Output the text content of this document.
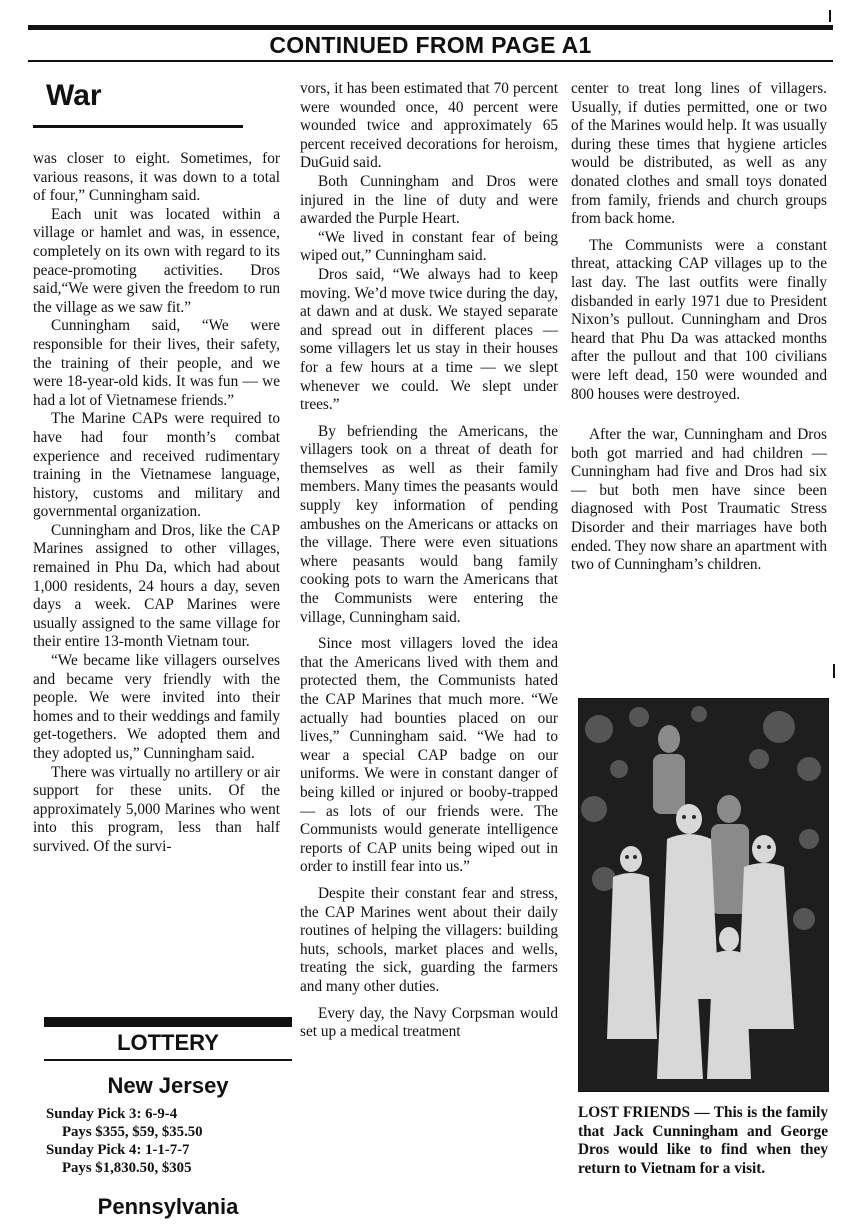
CONTINUED FROM PAGE A1
War

was closer to eight. Sometimes, for various reasons, it was down to a total of four,” Cunningham said.

Each unit was located within a village or hamlet and was, in essence, completely on its own with regard to its peace-promoting activities. Dros said,“We were given the freedom to run the village as we saw fit.”

Cunningham said, “We were responsible for their lives, their safety, the training of their people, and we were 18-year-old kids. It was fun — we had a lot of Vietnamese friends.”

The Marine CAPs were required to have had four month’s combat experience and received rudimentary training in the Vietnamese language, history, customs and military and governmental organization.

Cunningham and Dros, like the CAP Marines assigned to other villages, remained in Phu Da, which had about 1,000 residents, 24 hours a day, seven days a week. CAP Marines were usually assigned to the same village for their entire 13-month Vietnam tour.

“We became like villagers ourselves and became very friendly with the people. We were invited into their homes and to their weddings and family get-togethers. We adopted them and they adopted us,” Cunningham said.

There was virtually no artillery or air support for these units. Of the approximately 5,000 Marines who went into this program, less than half survived. Of the survi-

LOTTERY
New Jersey
Sunday Pick 3: 6-9-4
Pays $355, $59, $35.50
Sunday Pick 4: 1-1-7-7
Pays $1,830.50, $305
Pennsylvania

vors, it has been estimated that 70 percent were wounded once, 40 percent were wounded twice and approximately 65 percent received decorations for heroism, DuGuid said.

Both Cunningham and Dros were injured in the line of duty and were awarded the Purple Heart.

“We lived in constant fear of being wiped out,” Cunningham said.

Dros said, “We always had to keep moving. We’d move twice during the day, at dawn and at dusk. We stayed separate and spread out in different places — some villagers let us stay in their houses for a few hours at a time — we slept whenever we could. We slept under trees.”

By befriending the Americans, the villagers took on a threat of death for themselves as well as their family members. Many times the peasants would supply key information of pending ambushes on the Americans or attacks on the village. There were even situations where peasants would bang family cooking pots to warn the Americans that the Communists were entering the village, Cunningham said.

Since most villagers loved the idea that the Americans lived with them and protected them, the Communists hated the CAP Marines that much more. “We actually had bounties placed on our lives,” Cunningham said. “We had to wear a special CAP badge on our uniforms. We were in constant danger of being killed or injured or booby-trapped — as lots of our friends were. The Communists would generate intelligence reports of CAP units being wiped out in order to instill fear into us.”

Despite their constant fear and stress, the CAP Marines went about their daily routines of helping the villagers: building huts, schools, market places and wells, treating the sick, guarding the farmers and many other duties.

Every day, the Navy Corpsman would set up a medical treatment

center to treat long lines of villagers. Usually, if duties permitted, one or two of the Marines would help. It was usually during these times that hygiene articles would be distributed, as well as any donated clothes and small toys donated from family, friends and church groups from back home.

The Communists were a constant threat, attacking CAP villages up to the last day. The last outfits were finally disbanded in early 1971 due to President Nixon’s pullout. Cunningham and Dros heard that Phu Da was attacked months after the pullout and that 100 civilians were left dead, 150 were wounded and 800 houses were destroyed.

After the war, Cunningham and Dros both got married and had children — Cunningham had five and Dros had six — but both men have since been diagnosed with Post Traumatic Stress Disorder and their marriages have both ended. They now share an apartment with two of Cunningham’s children.

LOST FRIENDS — This is the family that Jack Cunningham and George Dros would like to find when they return to Vietnam for a visit.
